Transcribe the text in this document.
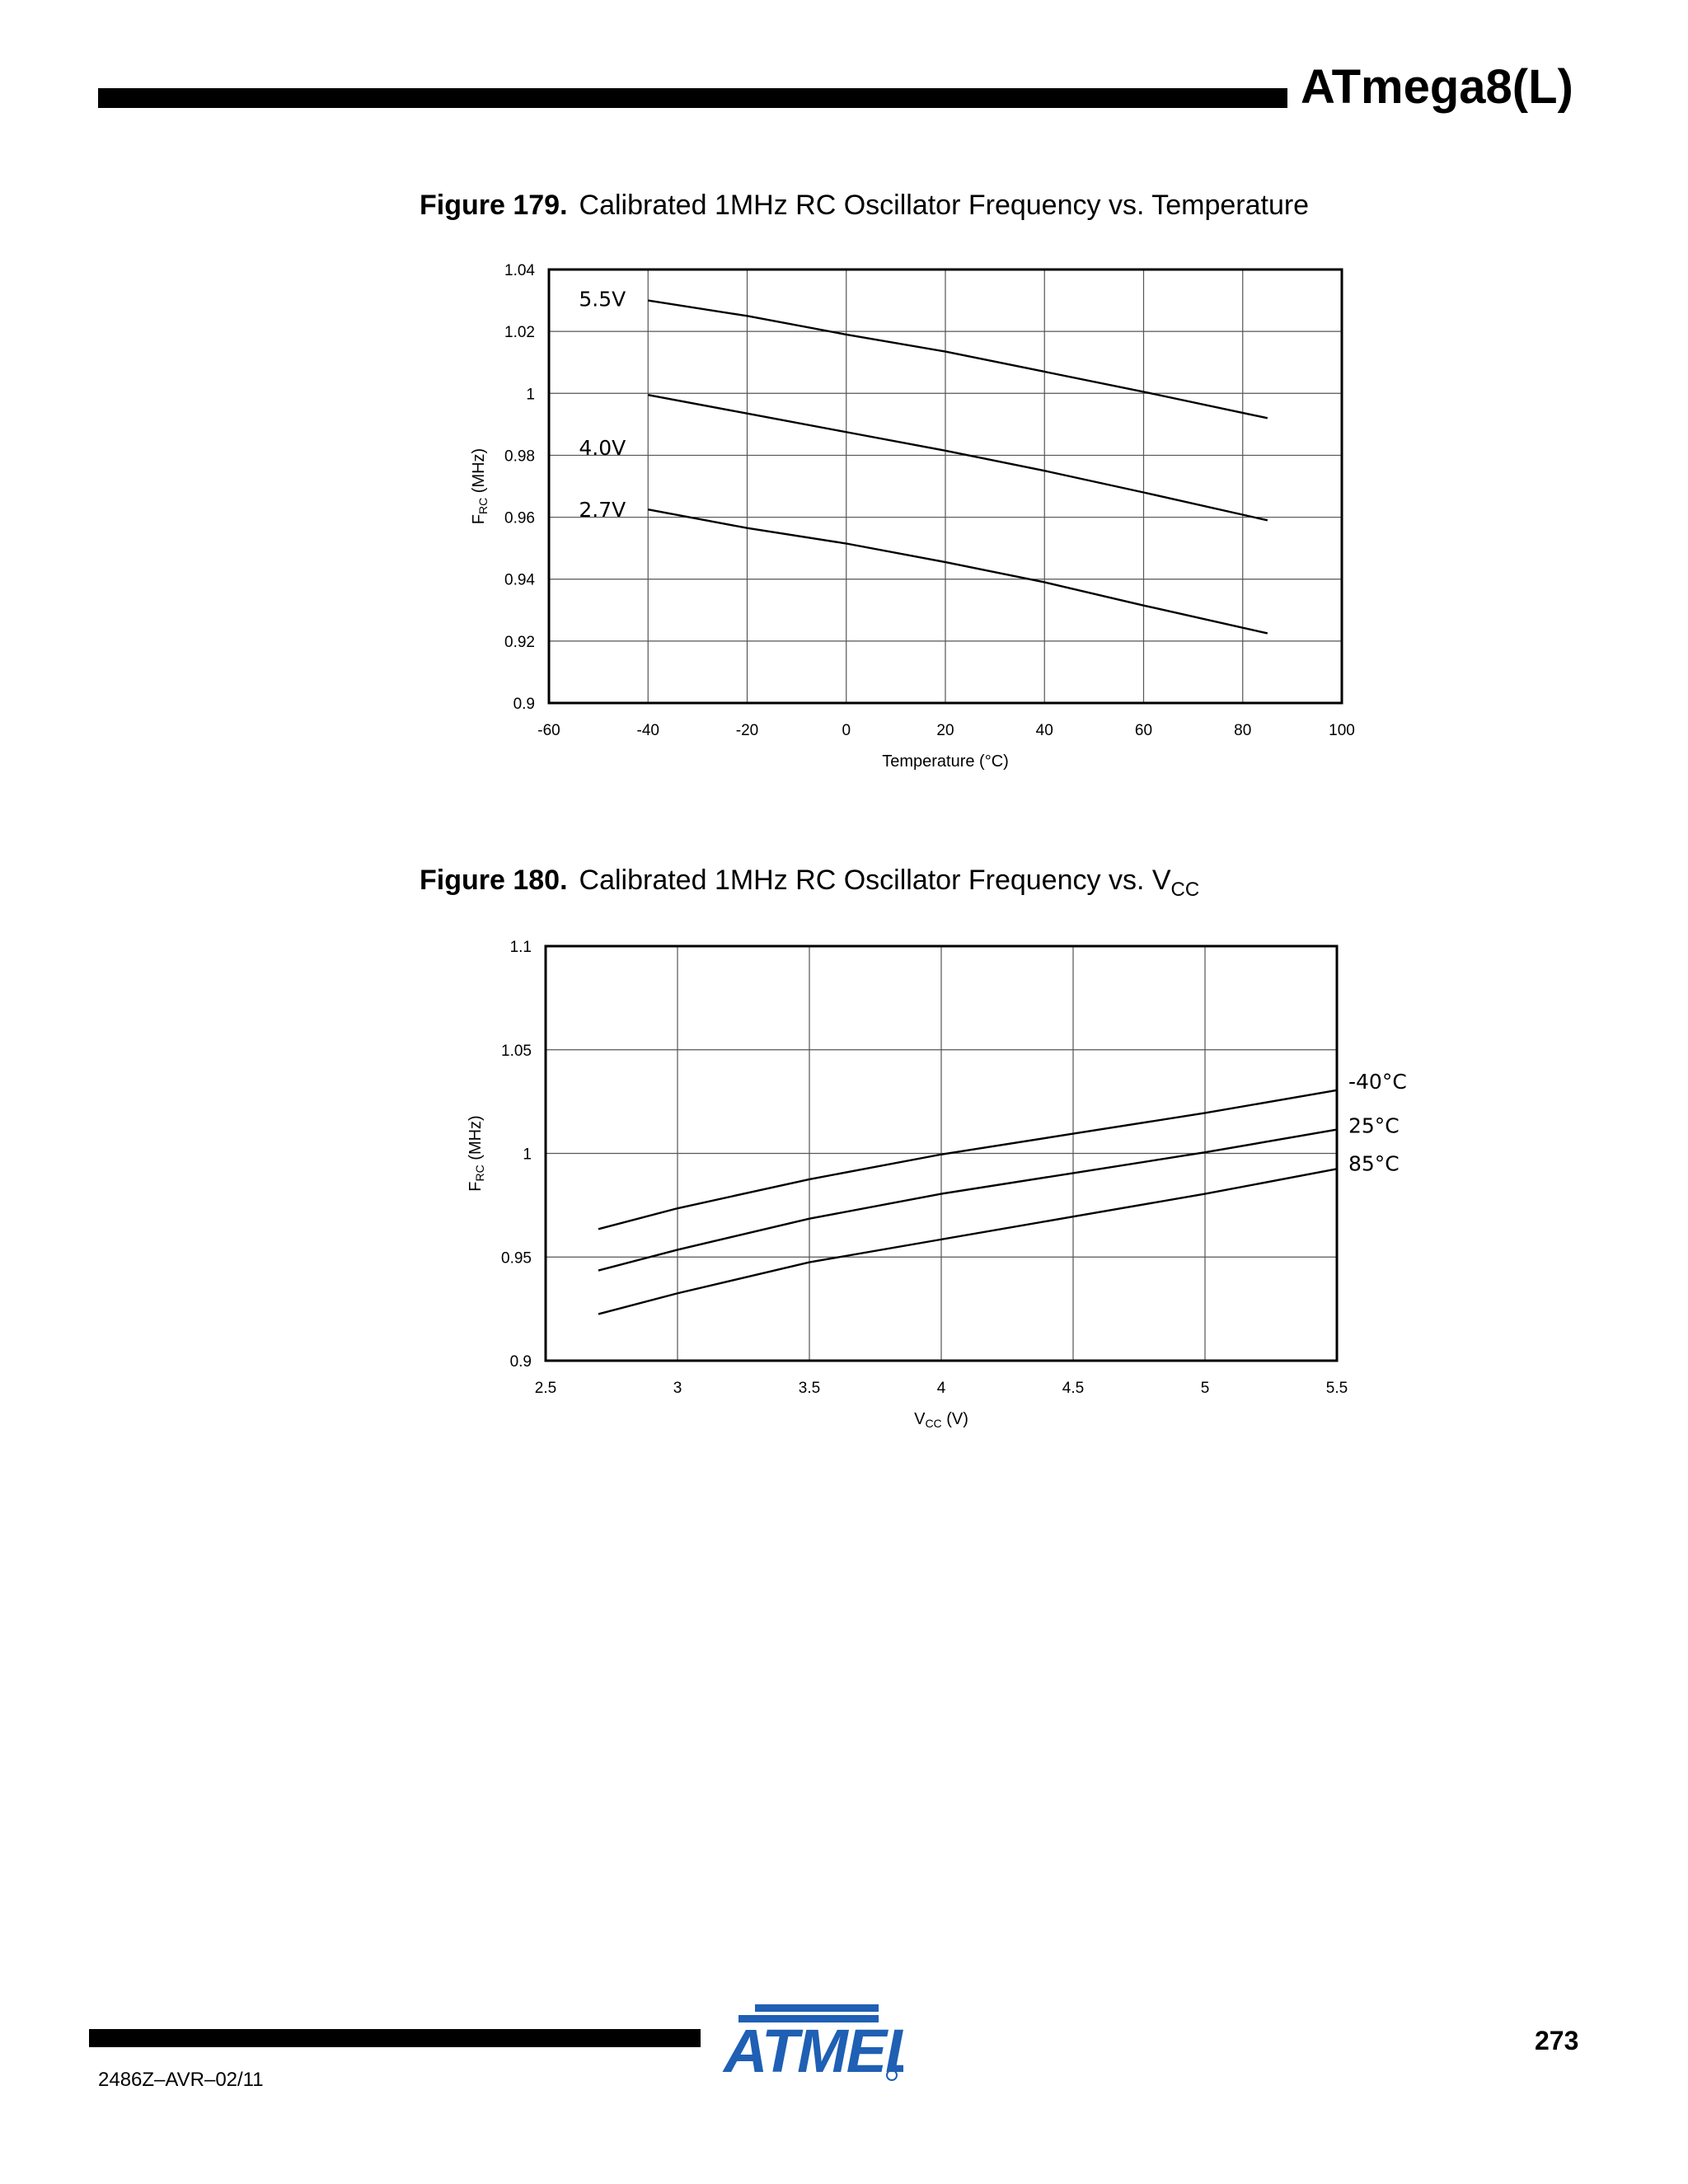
ATmega8(L)
Figure 179. Calibrated 1MHz RC Oscillator Frequency vs. Temperature
Figure 180. Calibrated 1MHz RC Oscillator Frequency vs. $V_{CC}$
-60	-40	-20	0	20	40	60	80	100
1.04
1.02
1
0.98
0.96
0.94
0.92
0.9
$F_{RC}$ (MHz)
Temperature (°C)
5.5V
4.0V
2.7V
2.5	3	3.5	4	4.5	5	5.5
1.1
1.05
1
0.95
0.9
$F_{RC}$ (MHz)
$V_{CC}$ (V)
-40°C
25°C
85°C
2486Z–AVR–02/11
273
ATMEL
